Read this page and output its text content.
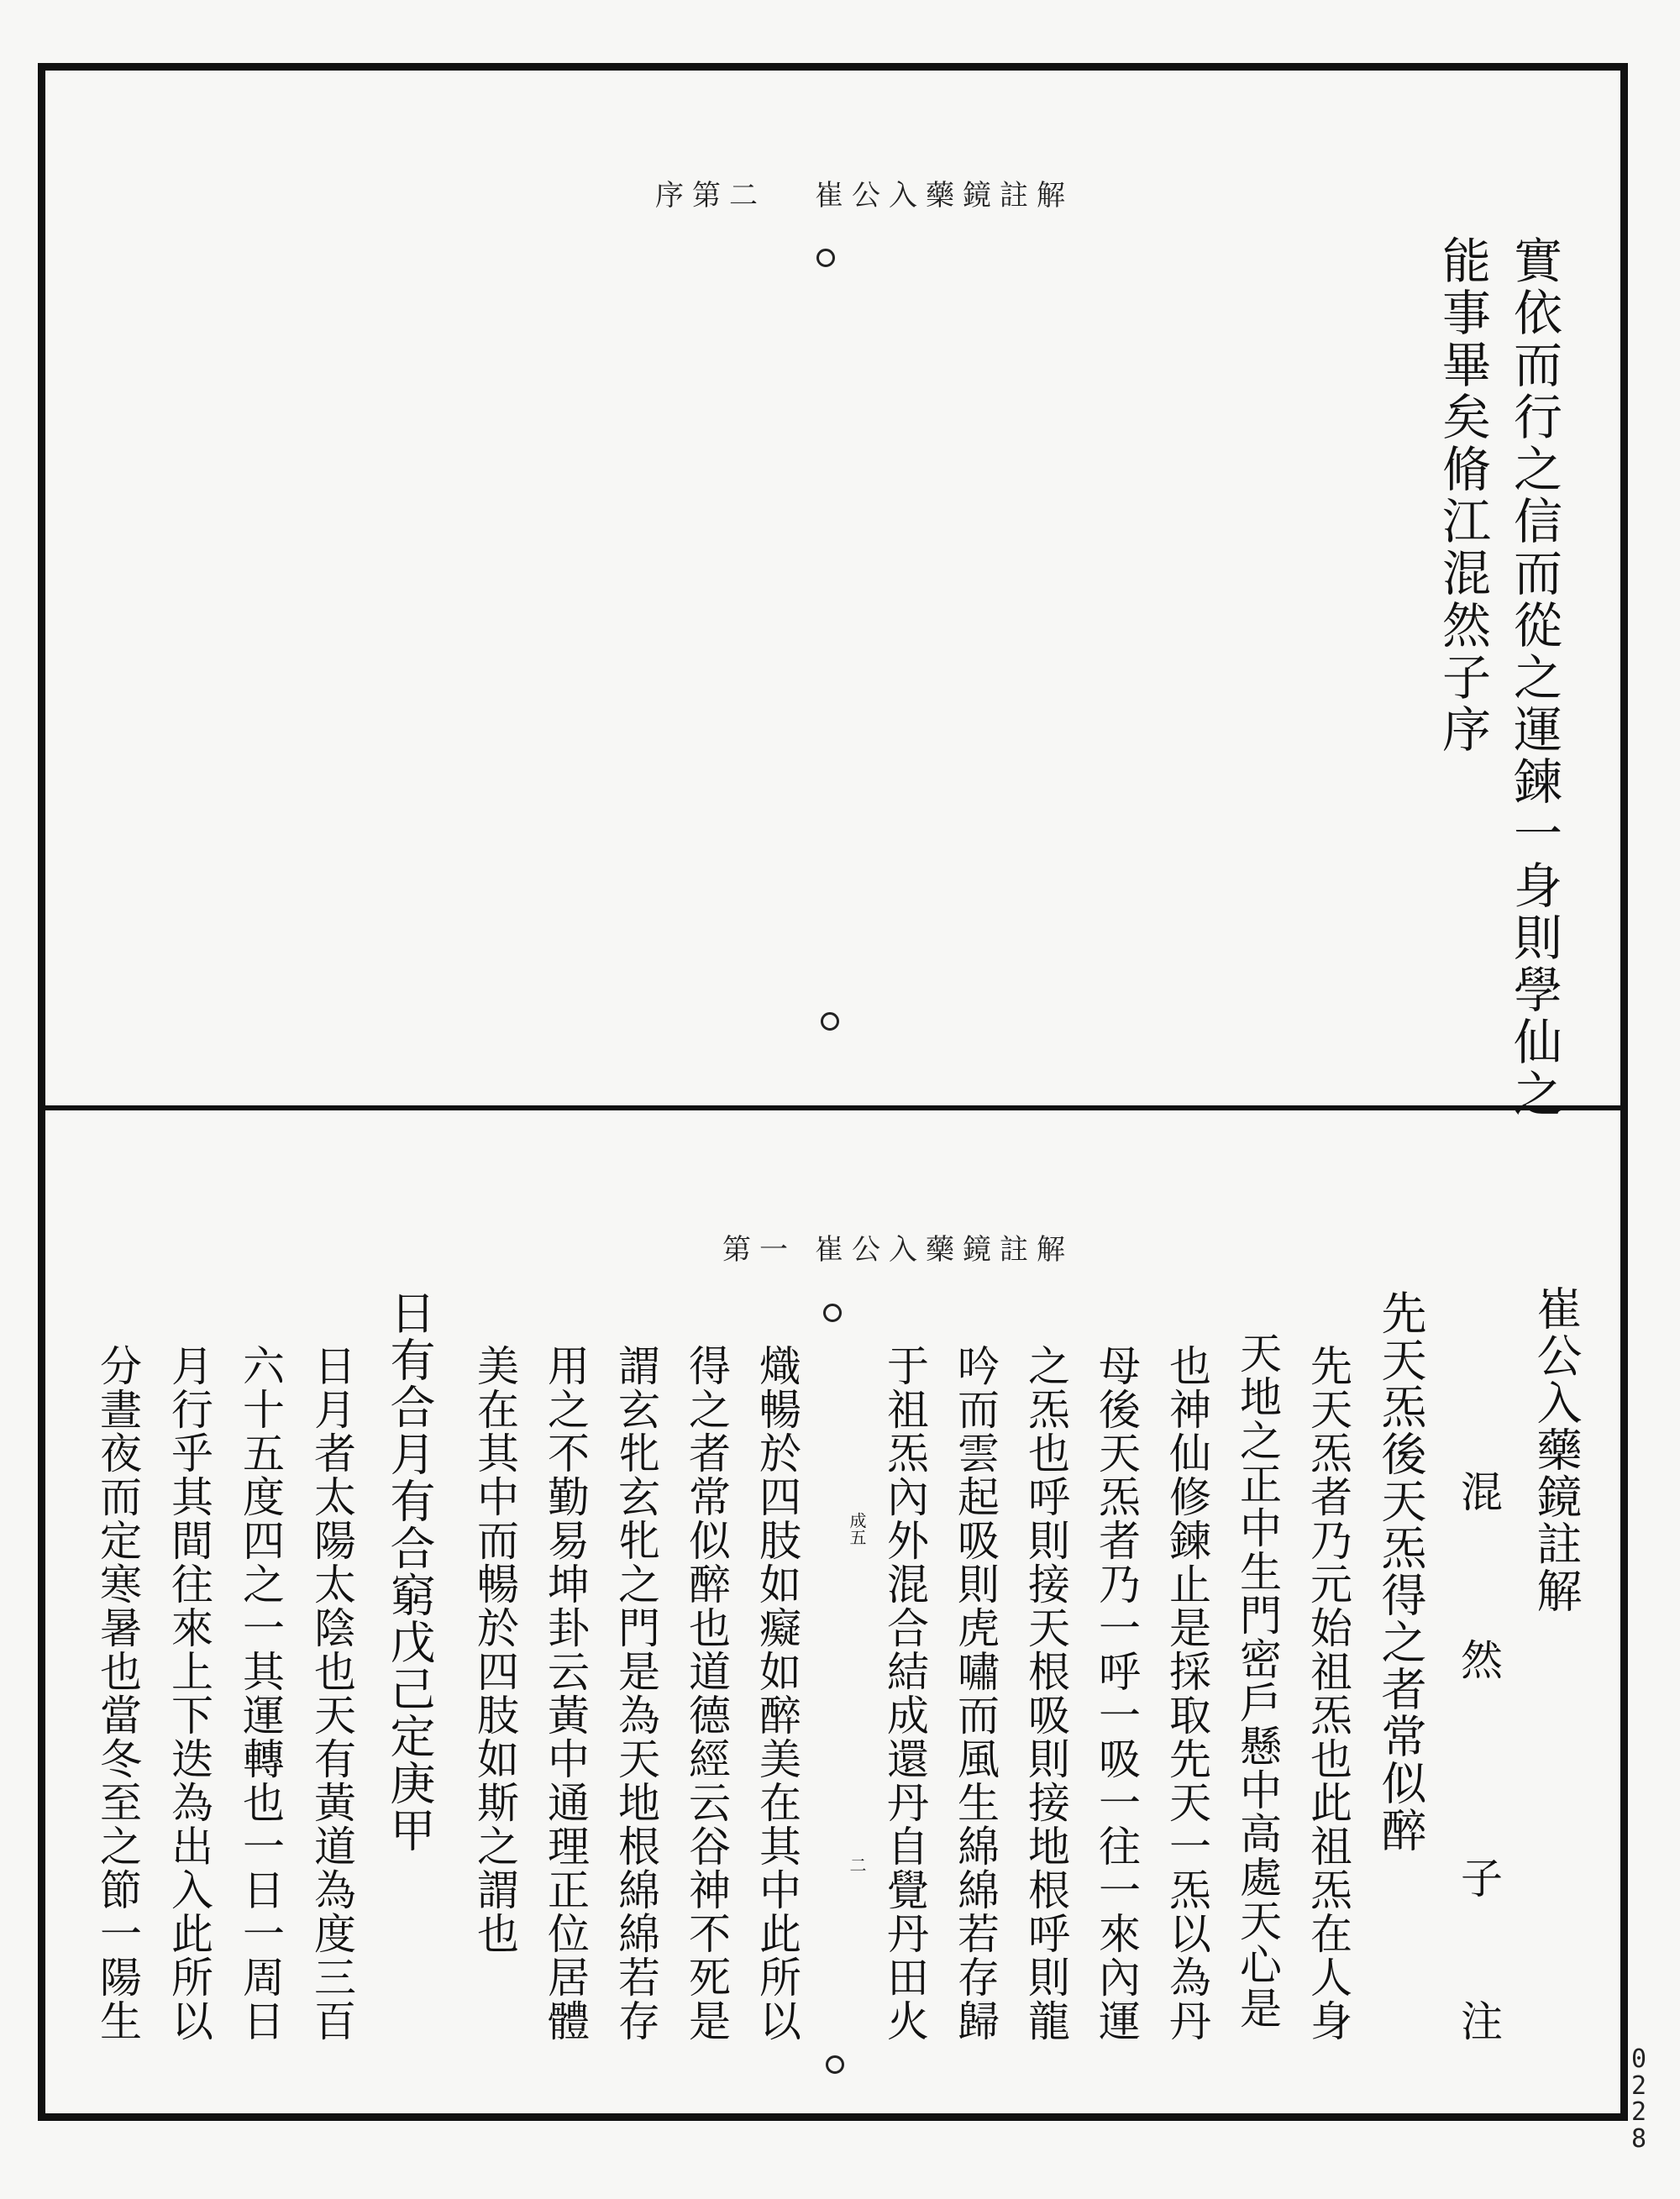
崔公入藥鏡註解
序第二
實依而行之信而從之運鍊一身則學仙之
能事畢矣脩江混然子序
崔公入藥鏡註解
第一
崔公入藥鏡註解
混
然
子
注
先天炁後天炁得之者常似醉
先天炁者乃元始祖炁也此祖炁在人身
天地之正中生門密戶懸中高處天心是
也神仙修鍊止是採取先天一炁以為丹
母後天炁者乃一呼一吸一往一來內運
之炁也呼則接天根吸則接地根呼則龍
吟而雲起吸則虎嘯而風生綿綿若存歸
于祖炁內外混合結成還丹自覺丹田火
成五
二
熾暢於四肢如癡如醉美在其中此所以
得之者常似醉也道德經云谷神不死是
謂玄牝玄牝之門是為天地根綿綿若存
用之不勤易坤卦云黃中通理正位居體
美在其中而暢於四肢如斯之謂也
日有合月有合窮戊己定庚甲
日月者太陽太陰也天有黃道為度三百
六十五度四之一其運轉也一日一周日
月行乎其間往來上下迭為出入此所以
分晝夜而定寒暑也當冬至之節一陽生
0228
